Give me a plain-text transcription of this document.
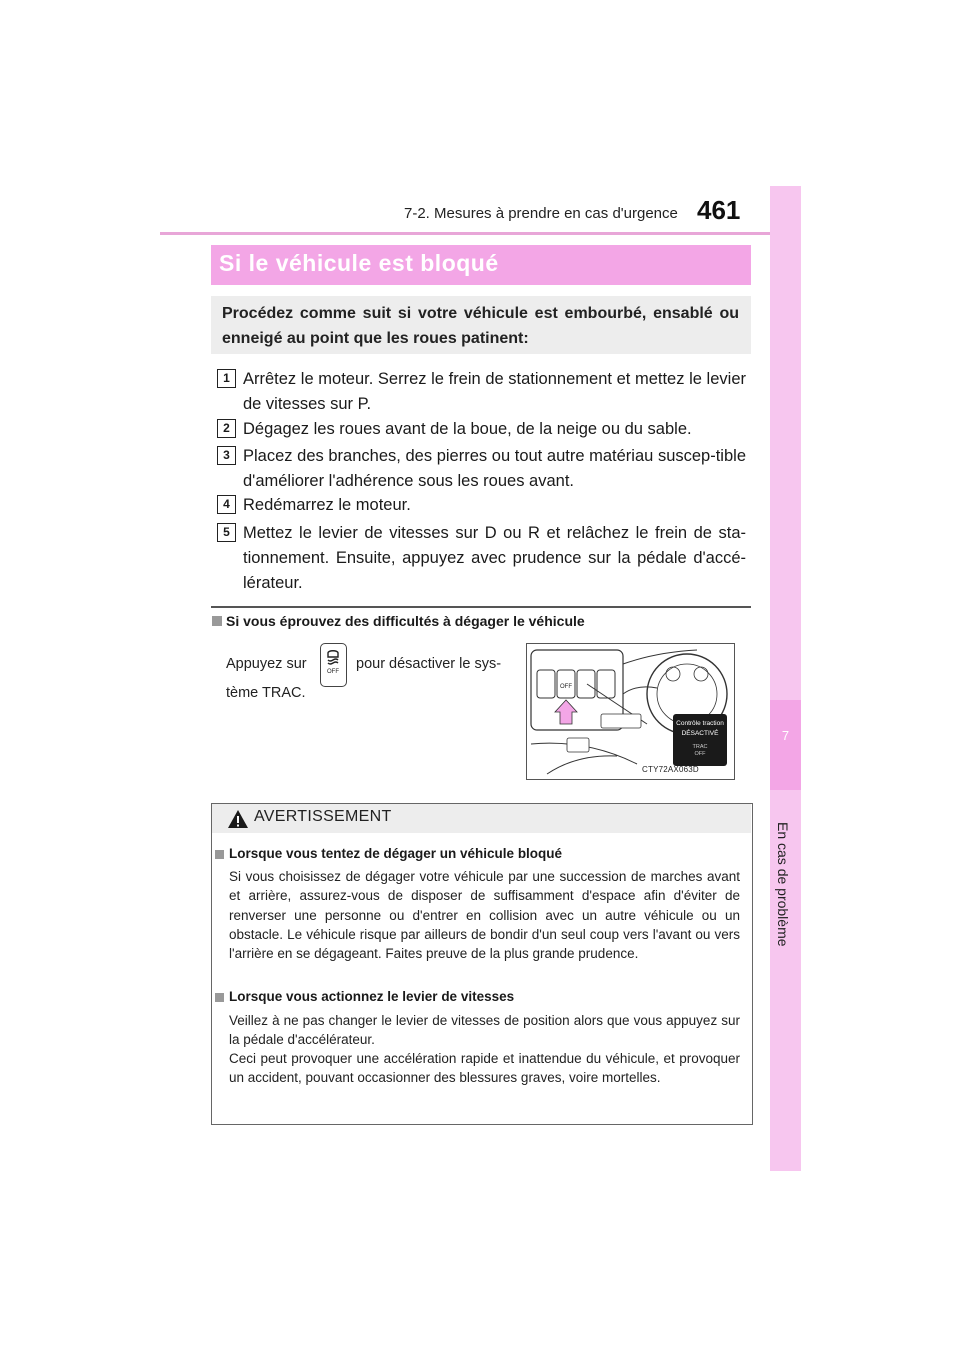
7-2. Mesures à prendre en cas d'urgence 461
7
En cas de problème
Si le véhicule est bloqué

Procédez comme suit si votre véhicule est embourbé, ensablé ou enneigé au point que les roues patinent:

1 Arrêtez le moteur. Serrez le frein de stationnement et mettez le levier de vitesses sur P.

2 Dégagez les roues avant de la boue, de la neige ou du sable.

3 Placez des branches, des pierres ou tout autre matériau suscep-tible d'améliorer l'adhérence sous les roues avant.

4 Redémarrez le moteur.

5 Mettez le levier de vitesses sur D ou R et relâchez le frein de sta-tionnement. Ensuite, appuyez avec prudence sur la pédale d'accé-lérateur.

Si vous éprouvez des difficultés à dégager le véhicule
Appuyez sur	OFF pour désactiver le sys-
tème TRAC.	OFF
Contrôle traction
DÉSACTIVÉ
TRAC
OFF
CTY72AX063D
AVERTISSEMENT
Lorsque vous tentez de dégager un véhicule bloqué

Si vous choisissez de dégager votre véhicule par une succession de marches avant et arrière, assurez-vous de disposer de suffisamment d'espace afin d'éviter de renverser une personne ou d'entrer en collision avec un autre véhicule ou un obstacle. Le véhicule risque par ailleurs de bondir d'un seul coup vers l'avant ou vers l'arrière en se dégageant. Faites preuve de la plus grande prudence.

Lorsque vous actionnez le levier de vitesses

Veillez à ne pas changer le levier de vitesses de position alors que vous appuyez sur la pédale d'accélérateur.

Ceci peut provoquer une accélération rapide et inattendue du véhicule, et provoquer un accident, pouvant occasionner des blessures graves, voire mortelles.
